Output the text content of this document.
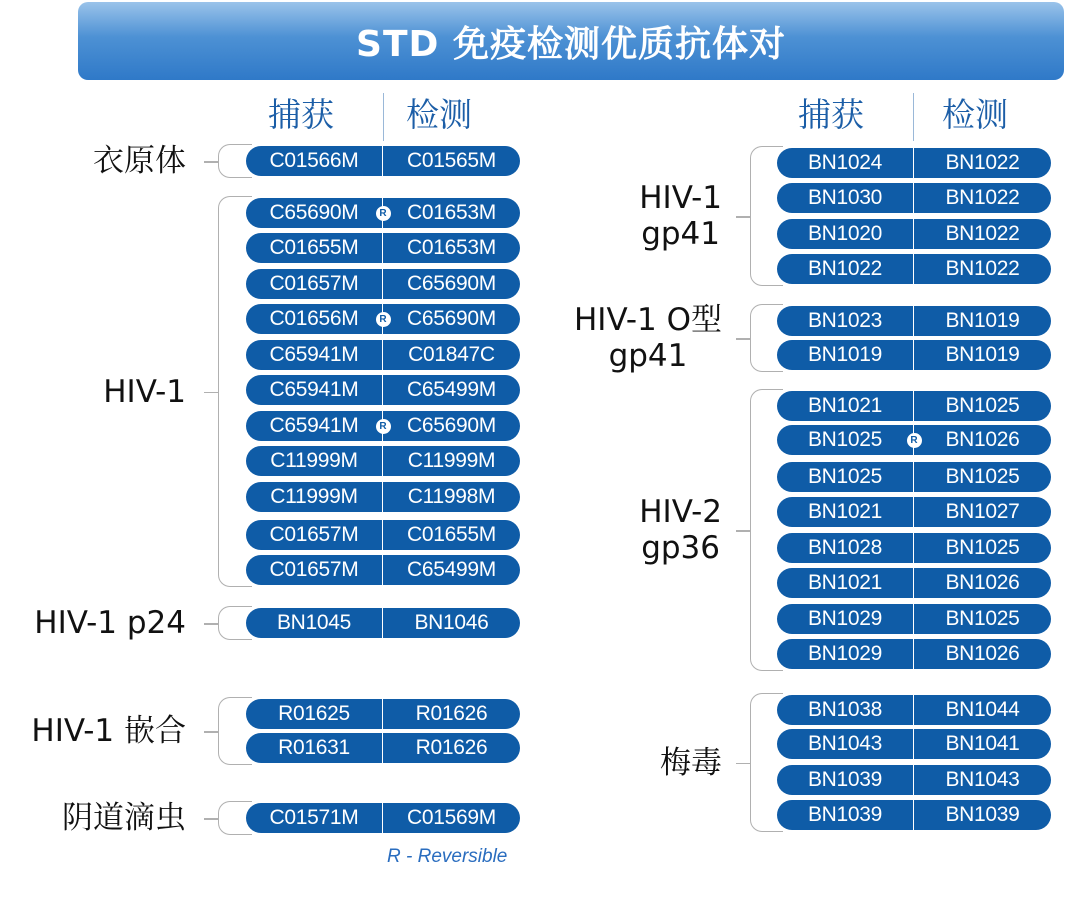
STD 免疫检测优质抗体对
捕获	检测	捕获	检测
衣原体	C01566M	C01565M
HIV-1
C65690M	C01653M
R
C01655M	C01653M
C01657M	C65690M
C01656M	C65690M
R
C65941M	C01847C
C65941M	C65499M
C65941M	C65690M
R
C11999M	C11999M
C11999M	C11998M
C01657M	C01655M
C01657M	C65499M
HIV-1 p24	BN1045	BN1046
HIV-1 嵌合	R01625	R01626
R01631	R01626
阴道滴虫	C01571M	C01569M
HIV-1
gp41
BN1024	BN1022
BN1030	BN1022
BN1020	BN1022
BN1022	BN1022
HIV-1 O型
gp41
BN1023	BN1019
BN1019	BN1019
HIV-2
gp36
BN1021	BN1025
BN1025	BN1026
R
BN1025	BN1025
BN1021	BN1027
BN1028	BN1025
BN1021	BN1026
BN1029	BN1025
BN1029	BN1026
梅毒
BN1038	BN1044
BN1043	BN1041
BN1039	BN1043
BN1039	BN1039
R - Reversible
